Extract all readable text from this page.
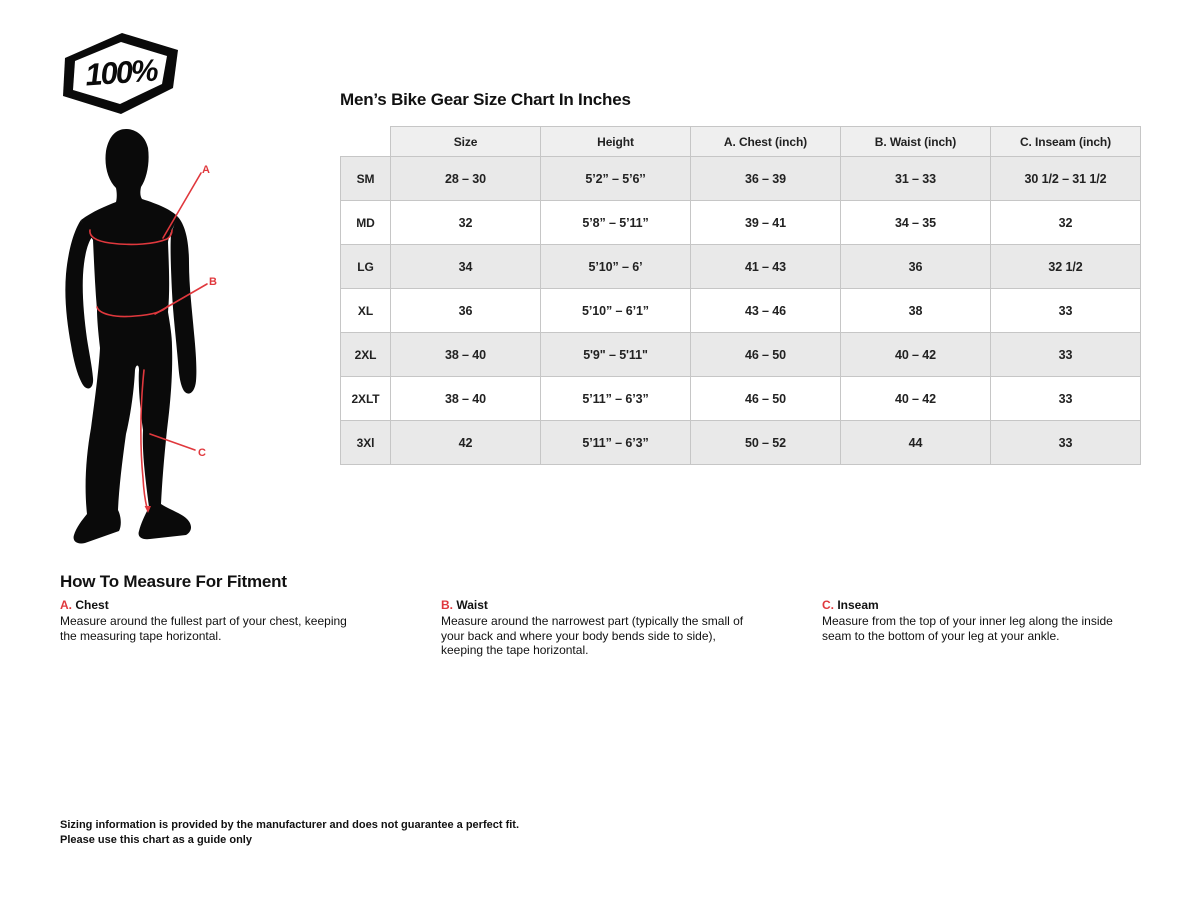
100%
Men’s Bike Gear Size Chart In Inches
	Size	Height	A. Chest (inch)	B. Waist (inch)	C. Inseam (inch)
SM	28 – 30	5’2” – 5’6’’	36 – 39	31 – 33	30 1/2 – 31 1/2
MD	32	5’8” – 5’11”	39 – 41	34 – 35	32
LG	34	5’10” – 6’	41 – 43	36	32 1/2
XL	36	5’10” – 6’1”	43 – 46	38	33
2XL	38 – 40	5'9" – 5'11"	46 – 50	40 – 42	33
2XLT	38 – 40	5’11” – 6’3”	46 – 50	40 – 42	33
3Xl	42	5’11” – 6’3”	50 – 52	44	33
A
B
C
How To Measure For Fitment
A. Chest
Measure around the fullest part of your chest, keeping the measuring tape horizontal.
B. Waist
Measure around the narrowest part (typically the small of your back and where your body bends side to side), keeping the tape horizontal.
C. Inseam
Measure from the top of your inner leg along the inside seam to the bottom of your leg at your ankle.
Sizing information is provided by the manufacturer and does not guarantee a perfect fit.
Please use this chart as a guide only
